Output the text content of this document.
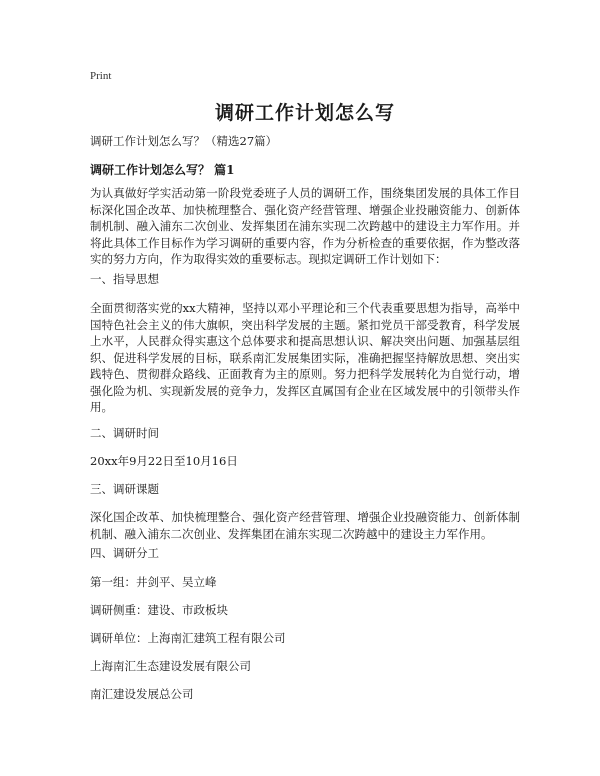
Print
调研工作计划怎么写
调研工作计划怎么写？（精选27篇）
调研工作计划怎么写？ 篇1
为认真做好学实活动第一阶段党委班子人员的调研工作，围绕集团发展的具体工作目标深化国企改革、加快梳理整合、强化资产经营管理、增强企业投融资能力、创新体制机制、融入浦东二次创业、发挥集团在浦东实现二次跨越中的建设主力军作用。并将此具体工作目标作为学习调研的重要内容，作为分析检查的重要依据，作为整改落实的努力方向，作为取得实效的重要标志。现拟定调研工作计划如下：
一、指导思想
全面贯彻落实党的xx大精神，坚持以邓小平理论和三个代表重要思想为指导，高举中国特色社会主义的伟大旗帜，突出科学发展的主题。紧扣党员干部受教育，科学发展上水平，人民群众得实惠这个总体要求和提高思想认识、解决突出问题、加强基层组织、促进科学发展的目标，联系南汇发展集团实际，准确把握坚持解放思想、突出实践特色、贯彻群众路线、正面教育为主的原则。努力把科学发展转化为自觉行动，增强化险为机、实现新发展的竞争力，发挥区直属国有企业在区域发展中的引领带头作用。
二、调研时间
20xx年9月22日至10月16日
三、调研课题
深化国企改革、加快梳理整合、强化资产经营管理、增强企业投融资能力、创新体制机制、融入浦东二次创业、发挥集团在浦东实现二次跨越中的建设主力军作用。
四、调研分工
第一组：井剑平、吴立峰
调研侧重：建设、市政板块
调研单位：上海南汇建筑工程有限公司
上海南汇生态建设发展有限公司
南汇建设发展总公司
